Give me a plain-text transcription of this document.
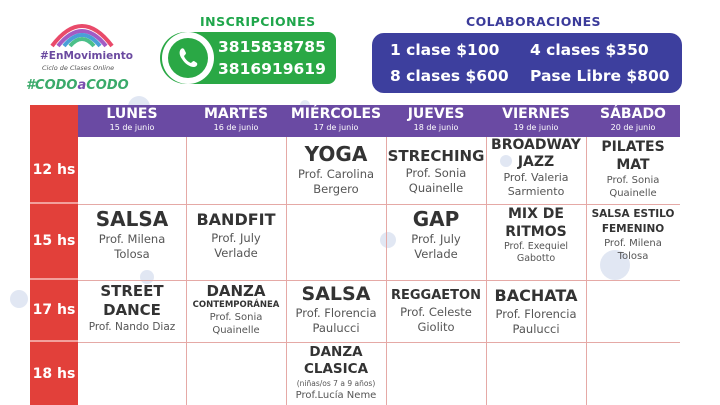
#EnMovimiento
Ciclo de Clases Online
#CODOaCODO
INSCRIPCIONES
3815838785
3816919619
COLABORACIONES
1 clase $100 4 clases $350
8 clases $600 Pase Libre $800
LUNES
15 de junio
MARTES
16 de junio
MIÉRCOLES
17 de junio
JUEVES
18 de junio
VIERNES
19 de junio
SÁBADO
20 de junio
12 hs
15 hs
17 hs
18 hs
YOGA
Prof. Carolina
Bergero
STRECHING
Prof. Sonia
Quainelle
BROADWAY
JAZZ
Prof. Valeria
Sarmiento
PILATES
MAT
Prof. Sonia
Quainelle
SALSA
Prof. Milena
Tolosa
BANDFIT
Prof. July
Verlade
GAP
Prof. July
Verlade
MIX DE
RITMOS
Prof. Exequiel
Gabotto
SALSA ESTILO
FEMENINO
Prof. Milena
Tolosa
STREET
DANCE
Prof. Nando Diaz
DANZA
CONTEMPORÁNEA
Prof. Sonia
Quainelle
SALSA
Prof. Florencia
Paulucci
REGGAETON
Prof. Celeste
Giolito
BACHATA
Prof. Florencia
Paulucci
DANZA
CLASICA
(niñas/os 7 a 9 años)
Prof.Lucía Neme
